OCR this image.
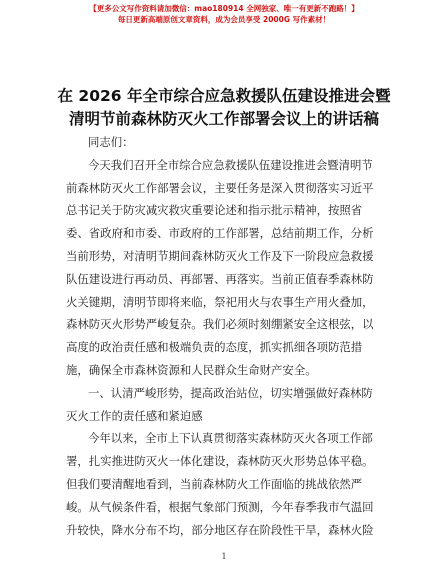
【更多公文写作资料请加微信：mao180914 全网独家、唯一有更新不跑路！】
每日更新高端原创文章资料，成为会员享受 2000G 写作素材！
在 2026 年全市综合应急救援队伍建设推进会暨
清明节前森林防灭火工作部署会议上的讲话稿
同志们：
今天我们召开全市综合应急救援队伍建设推进会暨清明节
前森林防灭火工作部署会议，主要任务是深入贯彻落实习近平
总书记关于防灾减灾救灾重要论述和指示批示精神，按照省
委、省政府和市委、市政府的工作部署，总结前期工作，分析
当前形势，对清明节期间森林防灭火工作及下一阶段应急救援
队伍建设进行再动员、再部署、再落实。当前正值春季森林防
火关键期，清明节即将来临，祭祀用火与农事生产用火叠加，
森林防灭火形势严峻复杂。我们必须时刻绷紧安全这根弦，以
高度的政治责任感和极端负责的态度，抓实抓细各项防范措
施，确保全市森林资源和人民群众生命财产安全。
一、认清严峻形势，提高政治站位，切实增强做好森林防
灭火工作的责任感和紧迫感
今年以来，全市上下认真贯彻落实森林防灭火各项工作部
署，扎实推进防灭火一体化建设，森林防灭火形势总体平稳。
但我们要清醒地看到，当前森林防火工作面临的挑战依然严
峻。从气候条件看，根据气象部门预测，今年春季我市气温回
升较快，降水分布不均，部分地区存在阶段性干旱，森林火险
1
